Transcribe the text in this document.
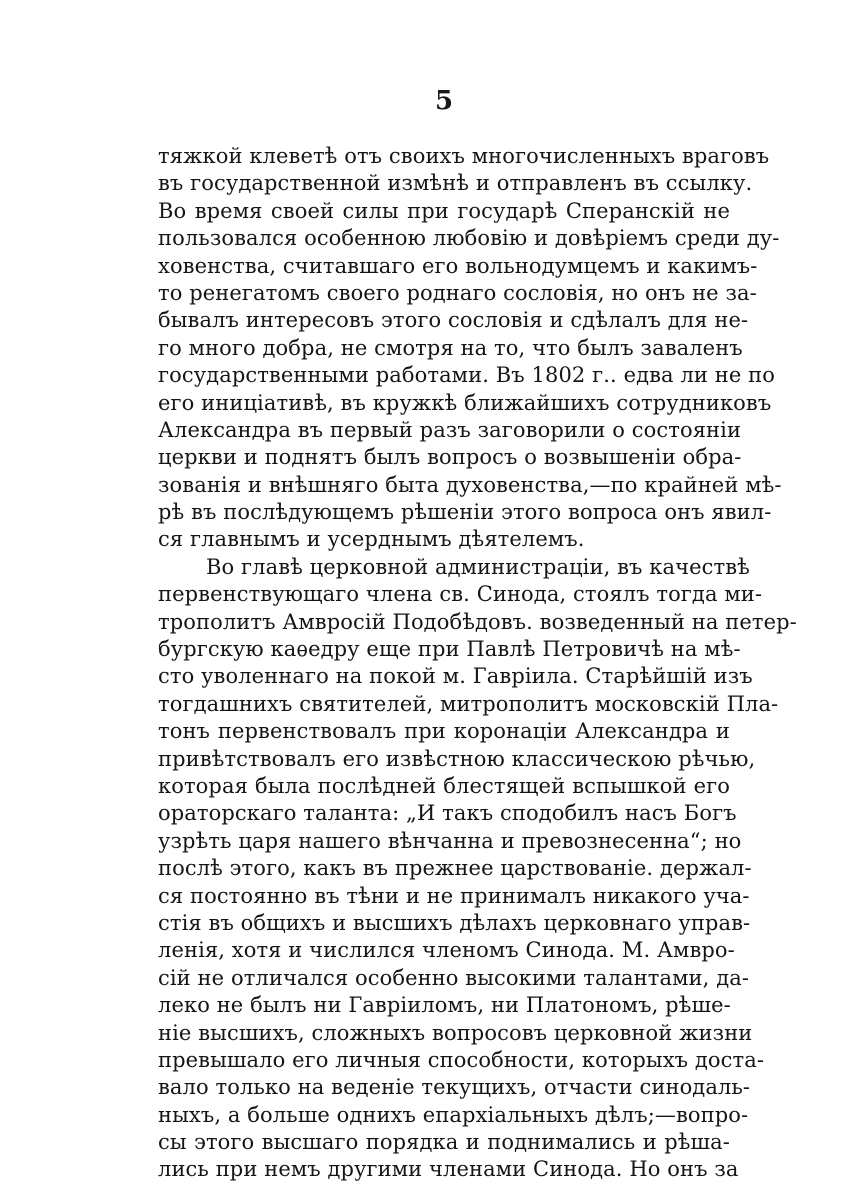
5
тяжкой клеветѣ отъ своихъ многочисленныхъ враговъ
въ государственной измѣнѣ и отправленъ въ ссылку.
Во время своей силы при государѣ Сперанскій не
пользовался особенною любовію и довѣріемъ среди ду-
ховенства, считавшаго его вольнодумцемъ и какимъ-
то ренегатомъ своего роднаго сословія, но онъ не за-
бывалъ интересовъ этого сословія и сдѣлалъ для не-
го много добра, не смотря на то, что былъ заваленъ
государственными работами. Въ 1802 г.. едва ли не по
его иниціативѣ, въ кружкѣ ближайшихъ сотрудниковъ
Александра въ первый разъ заговорили о состояніи
церкви и поднятъ былъ вопросъ о возвышеніи обра-
зованія и внѣшняго быта духовенства,—по крайней мѣ-
рѣ въ послѣдующемъ рѣшеніи этого вопроса онъ явил-
ся главнымъ и усерднымъ дѣятелемъ.
Во главѣ церковной администраціи, въ качествѣ
первенствующаго члена св. Синода, стоялъ тогда ми-
трополитъ Амвросій Подобѣдовъ. возведенный на петер-
бургскую каѳедру еще при Павлѣ Петровичѣ на мѣ-
сто уволеннаго на покой м. Гавріила. Старѣйшій изъ
тогдашнихъ святителей, митрополитъ московскій Пла-
тонъ первенствовалъ при коронаціи Александра и
привѣтствовалъ его извѣстною классическою рѣчью,
которая была послѣдней блестящей вспышкой его
ораторскаго таланта: „И такъ сподобилъ насъ Богъ
узрѣть царя нашего вѣнчанна и превознесенна“; но
послѣ этого, какъ въ прежнее царствованіе. держал-
ся постоянно въ тѣни и не принималъ никакого уча-
стія въ общихъ и высшихъ дѣлахъ церковнаго управ-
ленія, хотя и числился членомъ Синода. М. Амвро-
сій не отличался особенно высокими талантами, да-
леко не былъ ни Гавріиломъ, ни Платономъ, рѣше-
ніе высшихъ, сложныхъ вопросовъ церковной жизни
превышало его личныя способности, которыхъ доста-
вало только на веденіе текущихъ, отчасти синодаль-
ныхъ, а больше однихъ епархіальныхъ дѣлъ;—вопро-
сы этого высшаго порядка и поднимались и рѣша-
лись при немъ другими членами Синода. Но онъ за
